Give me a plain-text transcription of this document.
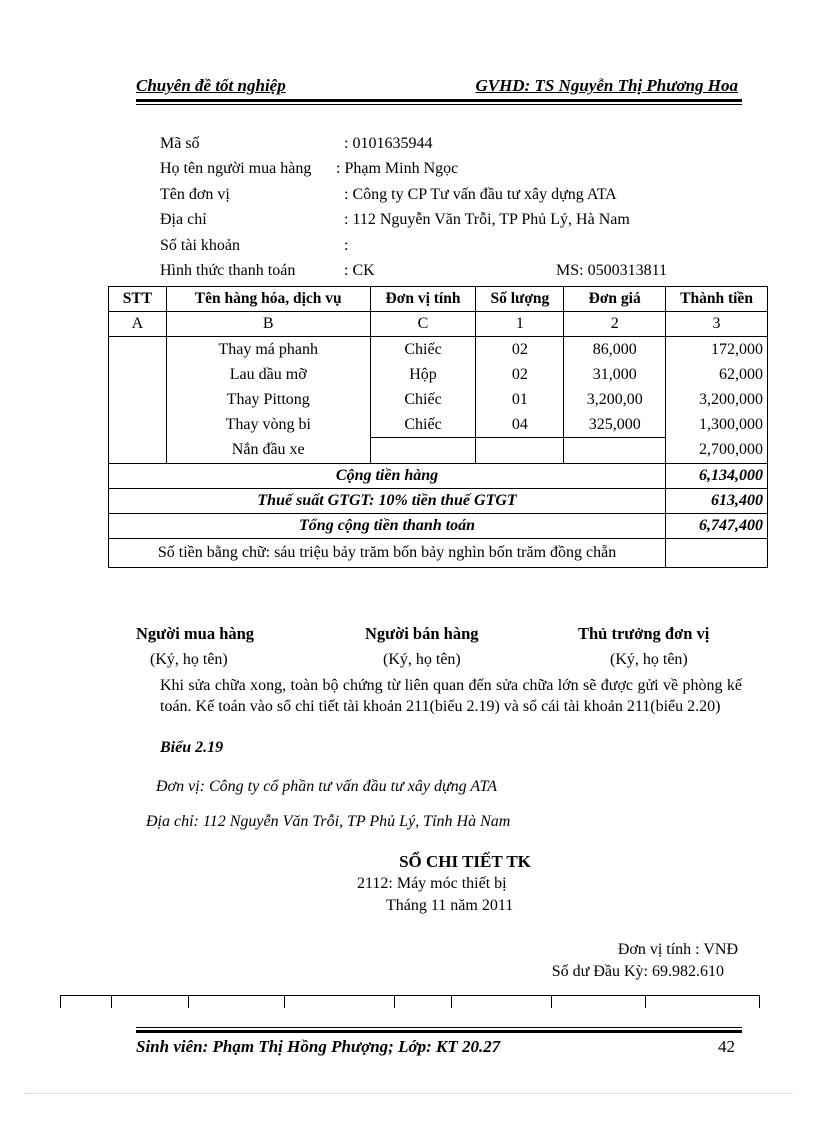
Chuyên đề tốt nghiệp	GVHD: TS Nguyễn Thị Phương Hoa
Mã số	: 0101635944
Họ tên người mua hàng : Phạm Minh Ngọc
Tên đơn vị	: Công ty CP Tư vấn đầu tư xây dựng ATA
Địa chỉ	: 112 Nguyễn Văn Trỗi, TP Phủ Lý, Hà Nam
Số tài khoản	:
Hình thức thanh toán	: CK	MS: 0500313811
STT	Tên hàng hóa, dịch vụ	Đơn vị tính	Số lượng	Đơn giá	Thành tiền
A	B	C	1	2	3
	Thay má phanh	Chiếc	02	86,000	172,000
	Lau dầu mỡ	Hộp	02	31,000	62,000
	Thay Pittong	Chiếc	01	3,200,00	3,200,000
	Thay vòng bi	Chiếc	04	325,000	1,300,000
	Nắn đầu xe				2,700,000
Cộng tiền hàng					6,134,000
Thuế suất GTGT: 10% tiền thuế GTGT					613,400
Tổng cộng tiền thanh toán					6,747,400
Số tiền bằng chữ: sáu triệu bảy trăm bốn bảy nghìn bốn trăm đồng chẵn					
Người mua hàng	Người bán hàng	Thủ trưởng đơn vị
(Ký, họ tên)	(Ký, họ tên)	(Ký, họ tên)
Khi sửa chữa xong, toàn bộ chứng từ liên quan đến sửa chữa lớn sẽ được gửi về phòng kế toán. Kế toán vào sổ chi tiết tài khoản 211(biểu 2.19) và sổ cái tài khoản 211(biểu 2.20)
Biểu 2.19
Đơn vị: Công ty cổ phần tư vấn đầu tư xây dựng ATA
Địa chỉ: 112 Nguyễn Văn Trỗi, TP Phủ Lý, Tỉnh Hà Nam
SỔ CHI TIẾT TK
2112: Máy móc thiết bị
Tháng 11 năm 2011
Đơn vị tính : VNĐ
Số dư Đầu Kỳ: 69.982.610
Sinh viên: Phạm Thị Hồng Phượng; Lớp: KT 20.27	42
